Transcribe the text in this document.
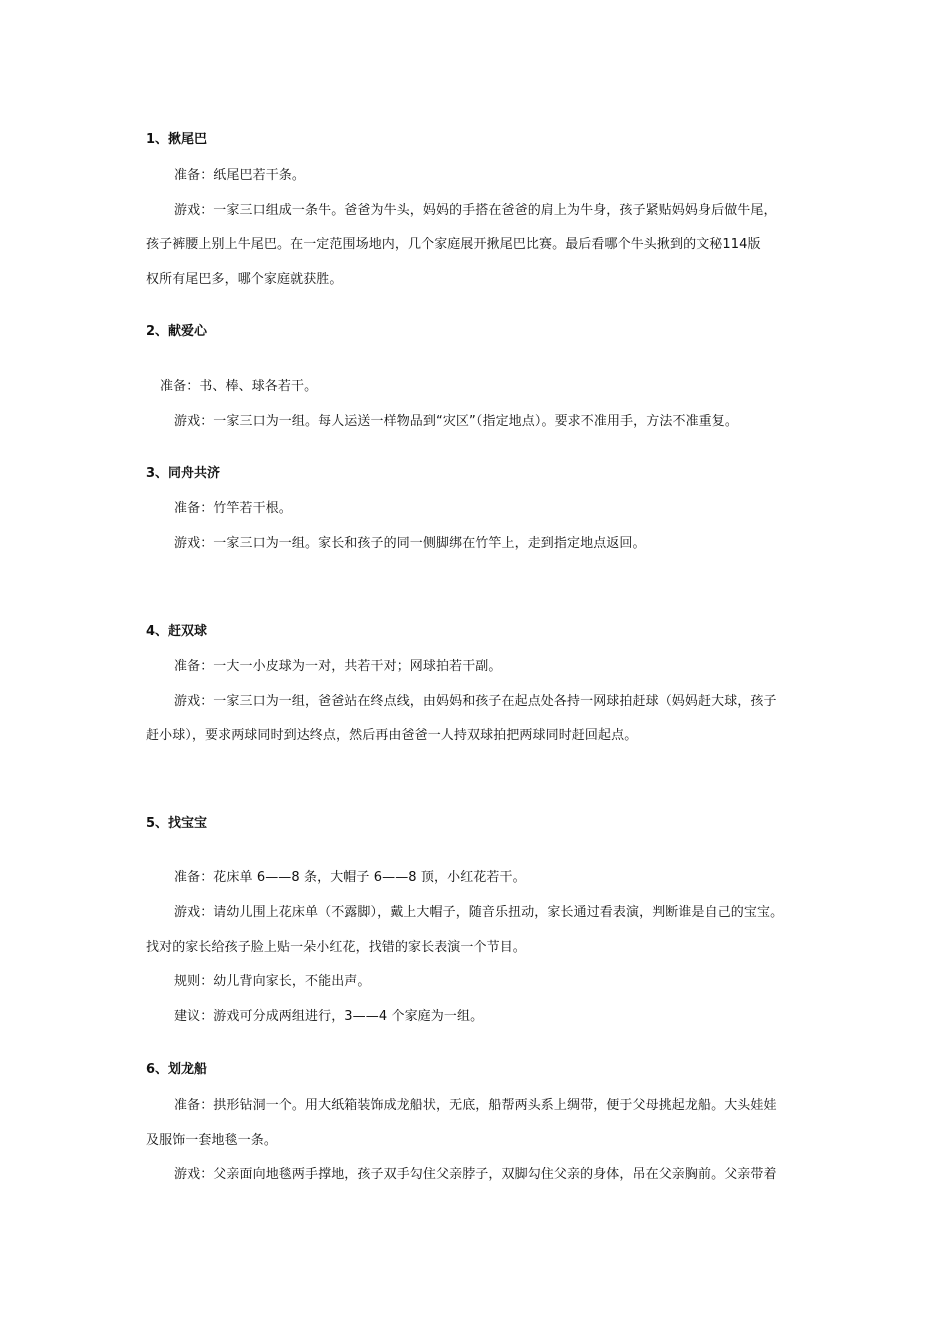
1、揪尾巴
准备：纸尾巴若干条。
游戏：一家三口组成一条牛。爸爸为牛头，妈妈的手搭在爸爸的肩上为牛身，孩子紧贴妈妈身后做牛尾，
孩子裤腰上别上牛尾巴。在一定范围场地内，几个家庭展开揪尾巴比赛。最后看哪个牛头揪到的文秘114版
权所有尾巴多，哪个家庭就获胜。
2、献爱心
准备：书、棒、球各若干。
游戏：一家三口为一组。每人运送一样物品到“灾区”（指定地点）。要求不准用手，方法不准重复。
3、同舟共济
准备：竹竿若干根。
游戏：一家三口为一组。家长和孩子的同一侧脚绑在竹竿上，走到指定地点返回。
4、赶双球
准备：一大一小皮球为一对，共若干对；网球拍若干副。
游戏：一家三口为一组，爸爸站在终点线，由妈妈和孩子在起点处各持一网球拍赶球（妈妈赶大球，孩子
赶小球），要求两球同时到达终点，然后再由爸爸一人持双球拍把两球同时赶回起点。
5、找宝宝
准备：花床单 6——8 条，大帽子 6——8 顶，小红花若干。
游戏：请幼儿围上花床单（不露脚），戴上大帽子，随音乐扭动，家长通过看表演，判断谁是自己的宝宝。
找对的家长给孩子脸上贴一朵小红花，找错的家长表演一个节目。
规则：幼儿背向家长，不能出声。
建议：游戏可分成两组进行，3——4 个家庭为一组。
6、划龙船
准备：拱形钻洞一个。用大纸箱装饰成龙船状，无底，船帮两头系上绸带，便于父母挑起龙船。大头娃娃
及服饰一套地毯一条。
游戏：父亲面向地毯两手撑地，孩子双手勾住父亲脖子，双脚勾住父亲的身体，吊在父亲胸前。父亲带着
